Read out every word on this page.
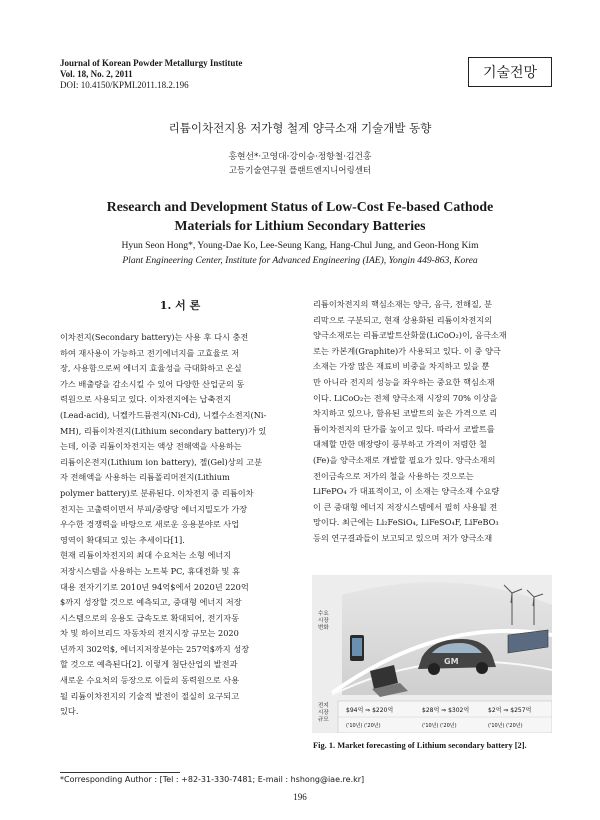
Journal of Korean Powder Metallurgy Institute
Vol. 18, No. 2, 2011
DOI: 10.4150/KPMI.2011.18.2.196
기술전망
리튬이차전지용 저가형 철계 양극소재 기술개발 동향
홍현선*·고영대·강이승·정항철·김건홍
고등기술연구원 플랜트엔지니어링센터
Research and Development Status of Low-Cost Fe-based Cathode
Materials for Lithium Secondary Batteries
Hyun Seon Hong*, Young-Dae Ko, Lee-Seung Kang, Hang-Chul Jung, and Geon-Hong Kim
Plant Engineering Center, Institute for Advanced Engineering (IAE), Yongin 449-863, Korea
1. 서 론
이차전지(Secondary battery)는 사용 후 다시 충전
하여 재사용이 가능하고 전기에너지를 고효율로 저
장, 사용함으로써 에너지 효율성을 극대화하고 온실
가스 배출량을 감소시킬 수 있어 다양한 산업군의 동
력원으로 사용되고 있다. 이차전지에는 납축전지
(Lead-acid), 니켈카드뮴전지(Ni-Cd), 니켈수소전지(Ni-
MH), 리튬이차전지(Lithium secondary battery)가 있
는데, 이중 리튬이차전지는 액상 전해액을 사용하는
리튬이온전지(Lithium ion battery), 젤(Gel)상의 고분
자 전해액을 사용하는 리튬폴리머전지(Lithium
polymer battery)로 분류된다. 이차전지 중 리튬이차
전지는 고출력이면서 부피/중량당 에너지밀도가 가장
우수한 경쟁력을 바탕으로 새로운 응용분야로 사업
영역이 확대되고 있는 추세이다[1].
현재 리튬이차전지의 최대 수요처는 소형 에너지
저장시스템을 사용하는 노트북 PC, 휴대전화 및 휴
대용 전자기기로 2010년 94억$에서 2020년 220억
$까지 성장할 것으로 예측되고, 중대형 에너지 저장
시스템으로의 응용도 급속도로 확대되어, 전기자동
차 및 하이브리드 자동차의 전지시장 규모는 2020
년까지 302억$, 에너지저장분야는 257억$까지 성장
할 것으로 예측된다[2]. 이렇게 첨단산업의 발전과
새로운 수요처의 등장으로 이들의 동력원으로 사용
될 리튬이차전지의 기술적 발전이 절실히 요구되고
있다.
리튬이차전지의 핵심소재는 양극, 음극, 전해질, 분
리막으로 구분되고, 현재 상용화된 리튬이차전지의
양극소재로는 리튬코발트산화물(LiCoO₂)이, 음극소재
로는 카본계(Graphite)가 사용되고 있다. 이 중 양극
소재는 가장 많은 재료비 비중을 차지하고 있을 뿐
만 아니라 전지의 성능을 좌우하는 중요한 핵심소재
이다. LiCoO₂는 전체 양극소재 시장의 70% 이상을
차지하고 있으나, 함유된 코발트의 높은 가격으로 리
튬이차전지의 단가를 높이고 있다. 따라서 코발트를
대체할 만한 매장량이 풍부하고 가격이 저렴한 철
(Fe)을 양극소재로 개발할 필요가 있다. 양극소재의
전이금속으로 저가의 철을 사용하는 것으로는
LiFePO₄ 가 대표적이고, 이 소재는 양극소재 수요량
이 큰 중대형 에너지 저장시스템에서 필히 사용될 전
망이다. 최근에는 Li₂FeSiO₄, LiFeSO₄F, LiFeBO₃
등의 연구결과들이 보고되고 있으며 저가 양극소재
GM
수요 시장 변화
전지 시장 규모
$94억 ⇒ $220억
('10년) ('20년)
$28억 ⇒ $302억
('10년) ('20년)
$2억 ⇒ $257억
('10년) ('20년)
Fig. 1. Market forecasting of Lithium secondary battery [2].
*Corresponding Author : [Tel : +82-31-330-7481; E-mail : hshong@iae.re.kr]
196
